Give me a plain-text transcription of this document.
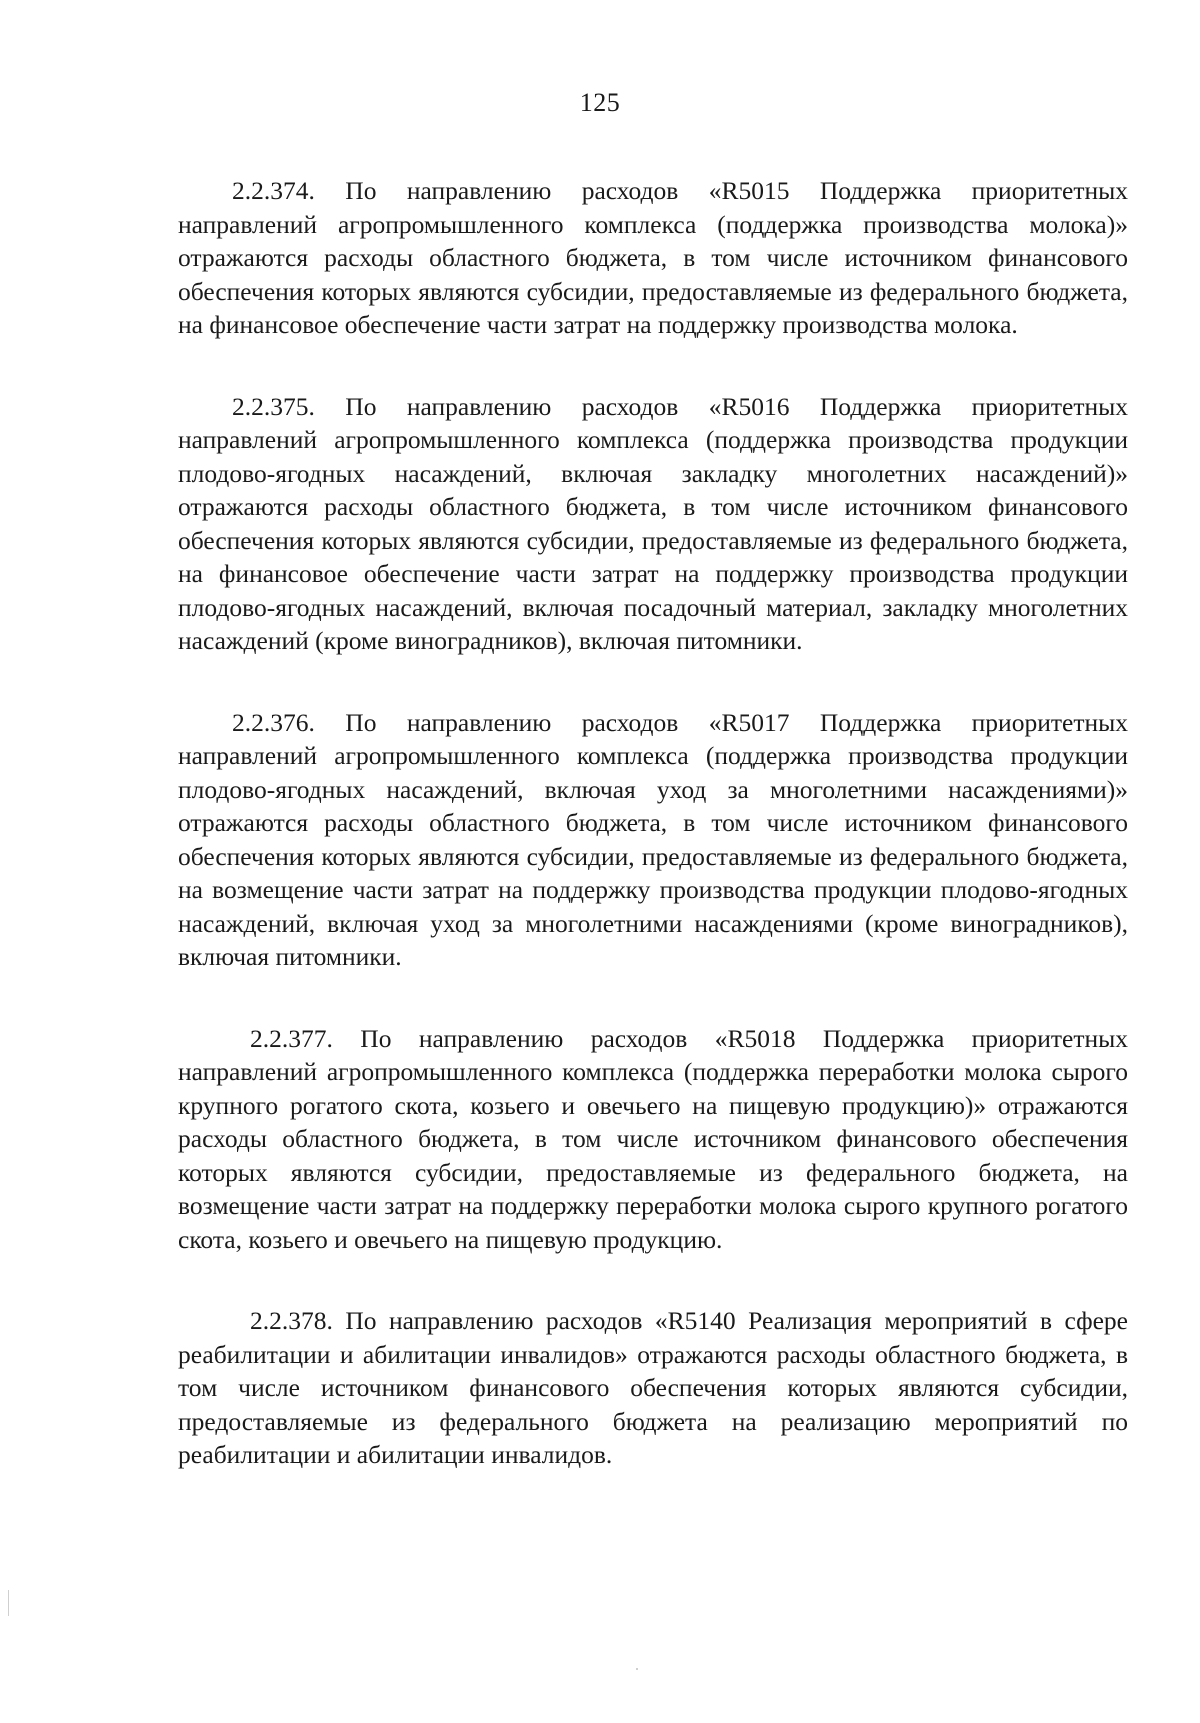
125

2.2.374. По направлению расходов «R5015 Поддержка приоритетных направлений агропромышленного комплекса (поддержка производства молока)» отражаются расходы областного бюджета, в том числе источником финансового обеспечения которых являются субсидии, предоставляемые из федерального бюджета, на финансовое обеспечение части затрат на поддержку производства молока.

2.2.375. По направлению расходов «R5016 Поддержка приоритетных направлений агропромышленного комплекса (поддержка производства продукции плодово-ягодных насаждений, включая закладку многолетних насаждений)» отражаются расходы областного бюджета, в том числе источником финансового обеспечения которых являются субсидии, предоставляемые из федерального бюджета, на финансовое обеспечение части затрат на поддержку производства продукции плодово-ягодных насаждений, включая посадочный материал, закладку многолетних насаждений (кроме виноградников), включая питомники.

2.2.376. По направлению расходов «R5017 Поддержка приоритетных направлений агропромышленного комплекса (поддержка производства продукции плодово-ягодных насаждений, включая уход за многолетними насаждениями)» отражаются расходы областного бюджета, в том числе источником финансового обеспечения которых являются субсидии, предоставляемые из федерального бюджета, на возмещение части затрат на поддержку производства продукции плодово-ягодных насаждений, включая уход за многолетними насаждениями (кроме виноградников), включая питомники.

2.2.377. По направлению расходов «R5018 Поддержка приоритетных направлений агропромышленного комплекса (поддержка переработки молока сырого крупного рогатого скота, козьего и овечьего на пищевую продукцию)» отражаются расходы областного бюджета, в том числе источником финансового обеспечения которых являются субсидии, предоставляемые из федерального бюджета, на возмещение части затрат на поддержку переработки молока сырого крупного рогатого скота, козьего и овечьего на пищевую продукцию.

2.2.378. По направлению расходов «R5140 Реализация мероприятий в сфере реабилитации и абилитации инвалидов» отражаются расходы областного бюджета, в том числе источником финансового обеспечения которых являются субсидии, предоставляемые из федерального бюджета на реализацию мероприятий по реабилитации и абилитации инвалидов.
